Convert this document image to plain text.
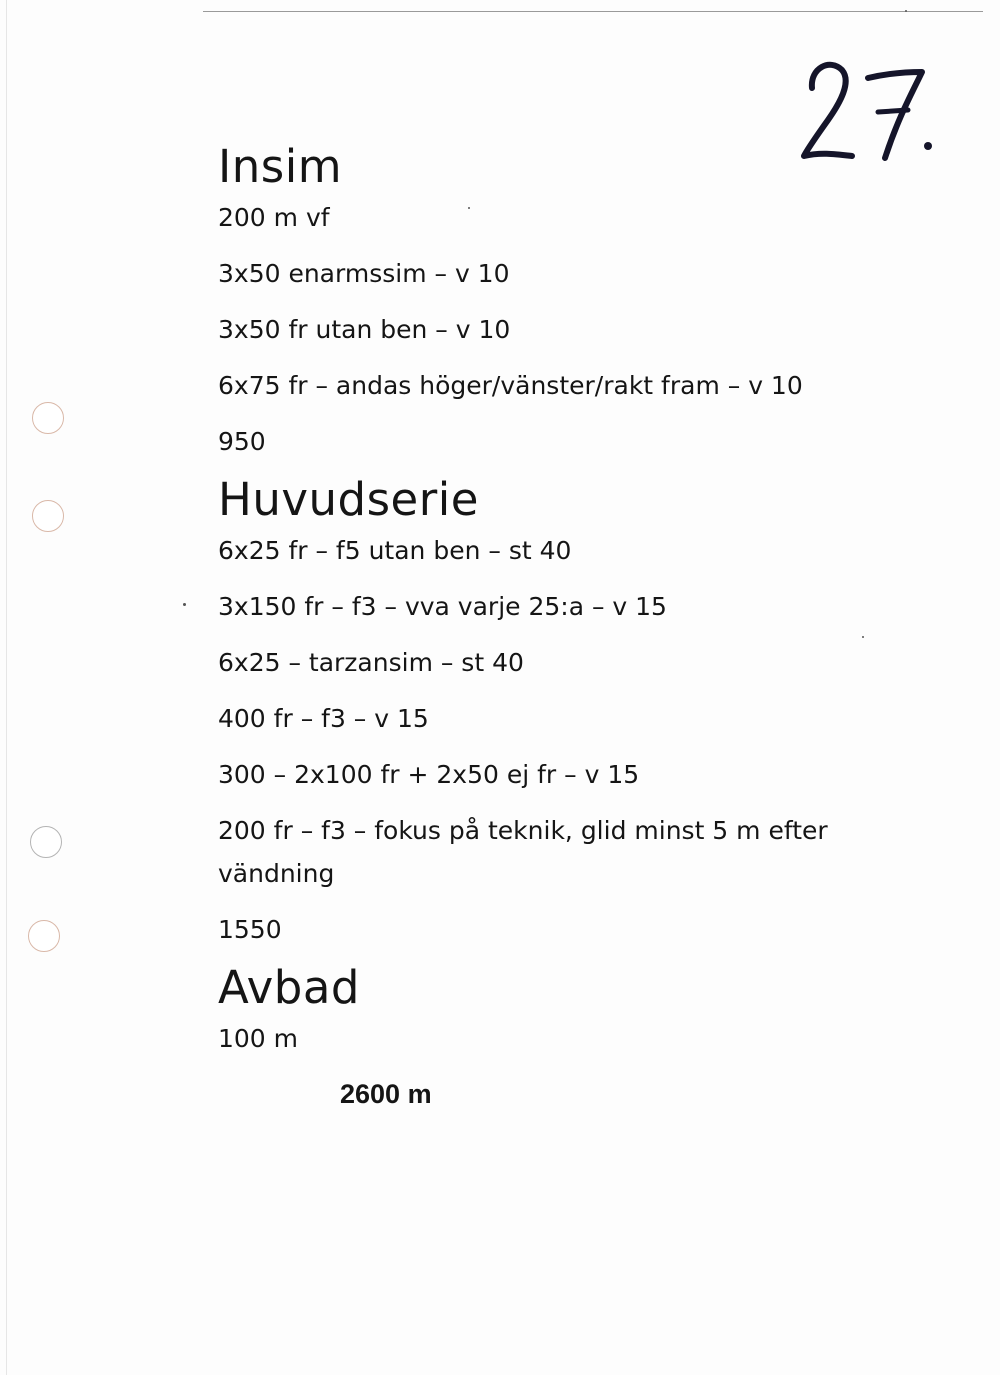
Insim

200 m vf

3x50 enarmssim – v 10

3x50 fr utan ben – v 10

6x75 fr – andas höger/vänster/rakt fram – v 10

950

Huvudserie

6x25 fr – f5 utan ben – st 40

3x150 fr – f3 – vva varje 25:a – v 15

6x25 – tarzansim – st 40

400 fr – f3 – v 15

300 – 2x100 fr + 2x50 ej fr – v 15

200 fr – f3 – fokus på teknik, glid minst 5 m efter vändning

1550

Avbad

100 m

2600 m
